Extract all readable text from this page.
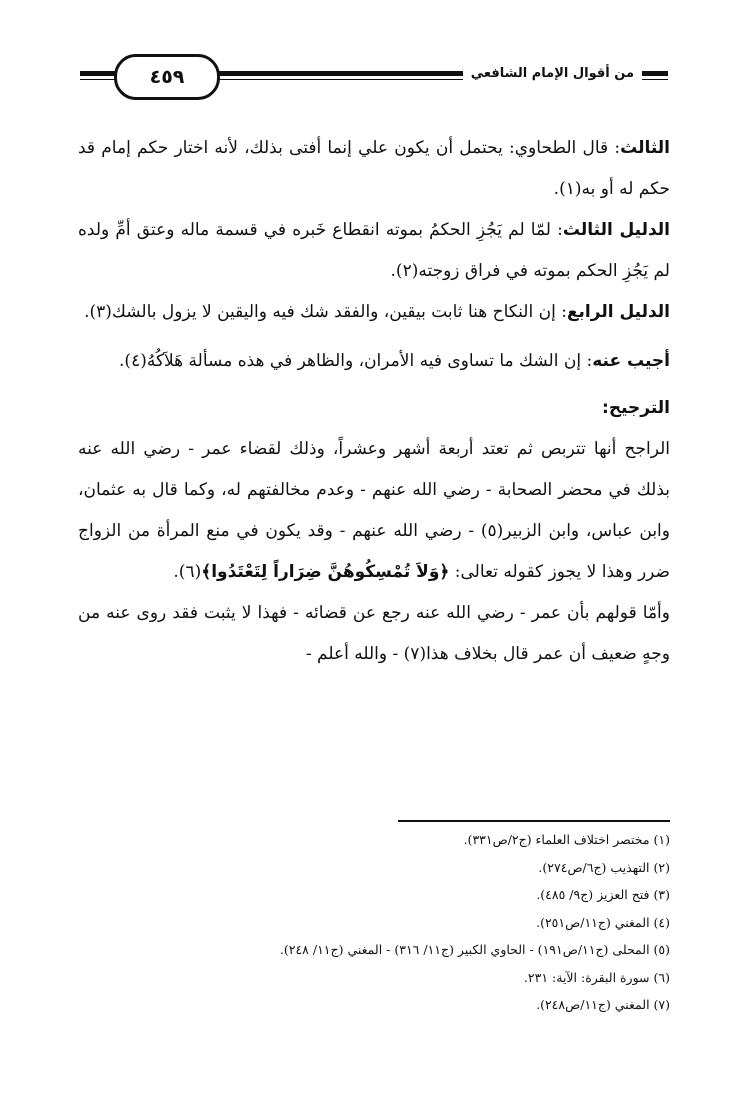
٤٥٩	من أقوال الإمام الشافعي

الثالث: قال الطحاوي: يحتمل أن يكون علي إنما أفتى بذلك، لأنه اختار حكم إمام قد حكم له أو به(١).

الدليل الثالث: لمّا لم يَجُزِ الحكمُ بموته انقطاع خَبره في قسمة ماله وعتق أمِّ ولده لم يَجُزِ الحكم بموته في فراق زوجته(٢).

الدليل الرابع: إن النكاح هنا ثابت بيقين، والفقد شك فيه واليقين لا يزول بالشك(٣).

أجيب عنه: إن الشك ما تساوى فيه الأمران، والظاهر في هذه مسألة هَلاَكُهُ(٤).

الترجيح:

الراجح أنها تتربص ثم تعتد أربعة أشهر وعشراً، وذلك لقضاء عمر - رضي الله عنه بذلك في محضر الصحابة - رضي الله عنهم - وعدم مخالفتهم له، وكما قال به عثمان، وابن عباس، وابن الزبير(٥) - رضي الله عنهم - وقد يكون في منع المرأة من الزواج ضرر وهذا لا يجوز كقوله تعالى: ﴿وَلاَ تُمْسِكُوهُنَّ ضِرَاراً لِتَعْتَدُوا﴾(٦).

وأمّا قولهم بأن عمر - رضي الله عنه رجع عن قضائه - فهذا لا يثبت فقد روى عنه من وجهٍ ضعيف أن عمر قال بخلاف هذا(٧) - والله أعلم -

(١) مختصر اختلاف العلماء (ج٢/ص٣٣١).

(٢) التهذيب (ج٦/ص٢٧٤).

(٣) فتح العزيز (ج٩/ ٤٨٥).

(٤) المغني (ج١١/ص٢٥١).

(٥) المحلى (ج١١/ص١٩١) - الحاوي الكبير (ج١١/ ٣١٦) - المغني (ج١١/ ٢٤٨).

(٦) سورة البقرة: الآية: ٢٣١.

(٧) المغني (ج١١/ص٢٤٨).
